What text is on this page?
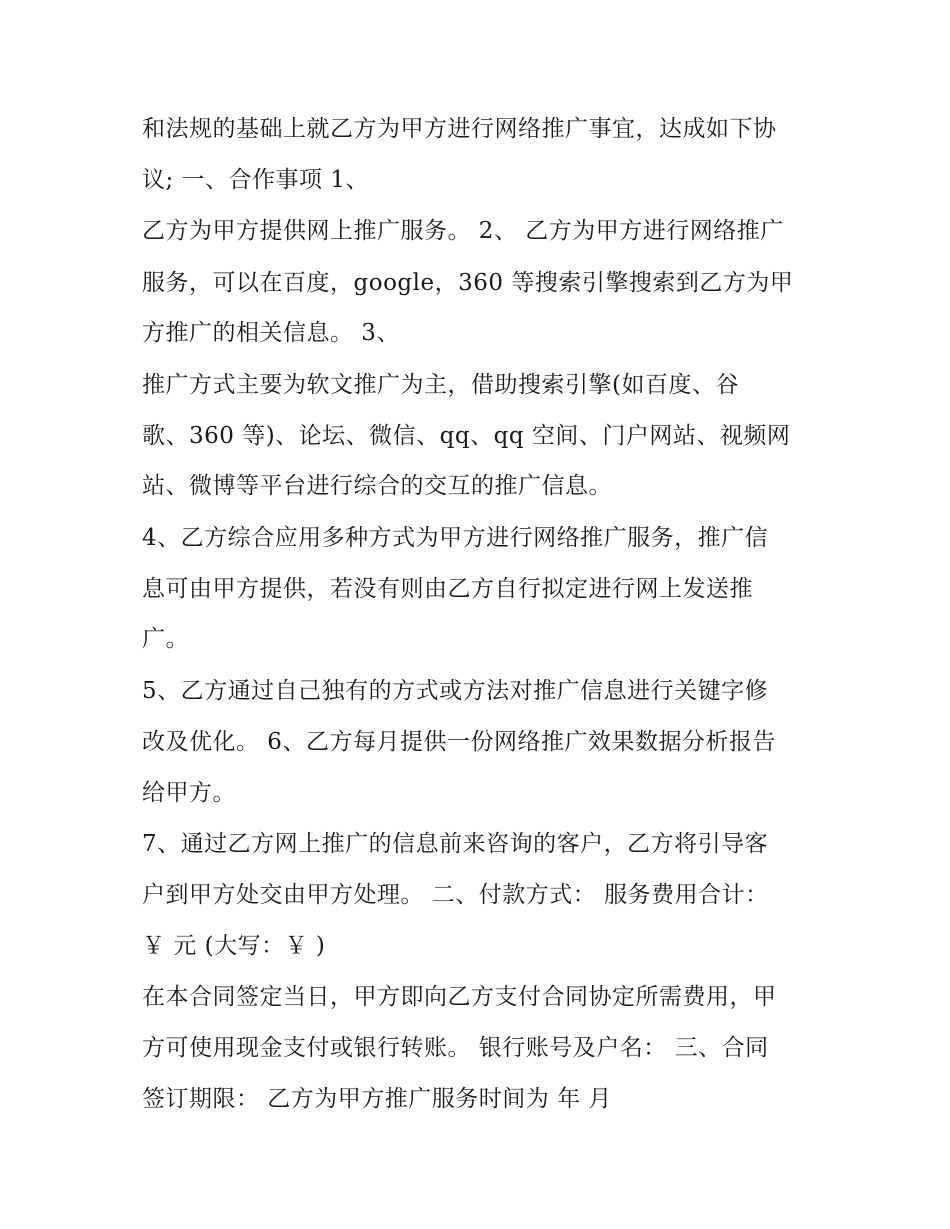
和法规的基础上就乙方为甲方进行网络推广事宜，达成如下协

议; 一、合作事项 1、

乙方为甲方提供网上推广服务。 2、 乙方为甲方进行网络推广

服务，可以在百度，google，360 等搜索引擎搜索到乙方为甲

方推广的相关信息。 3、

推广方式主要为软文推广为主，借助搜索引擎(如百度、谷

歌、360 等)、论坛、微信、qq、qq 空间、门户网站、视频网

站、微博等平台进行综合的交互的推广信息。

4、乙方综合应用多种方式为甲方进行网络推广服务，推广信

息可由甲方提供，若没有则由乙方自行拟定进行网上发送推

广。

5、乙方通过自己独有的方式或方法对推广信息进行关键字修

改及优化。 6、乙方每月提供一份网络推广效果数据分析报告

给甲方。

7、通过乙方网上推广的信息前来咨询的客户，乙方将引导客

户到甲方处交由甲方处理。 二、付款方式： 服务费用合计：

￥ 元 (大写：￥ )

在本合同签定当日，甲方即向乙方支付合同协定所需费用，甲

方可使用现金支付或银行转账。 银行账号及户名： 三、合同

签订期限： 乙方为甲方推广服务时间为 年 月
